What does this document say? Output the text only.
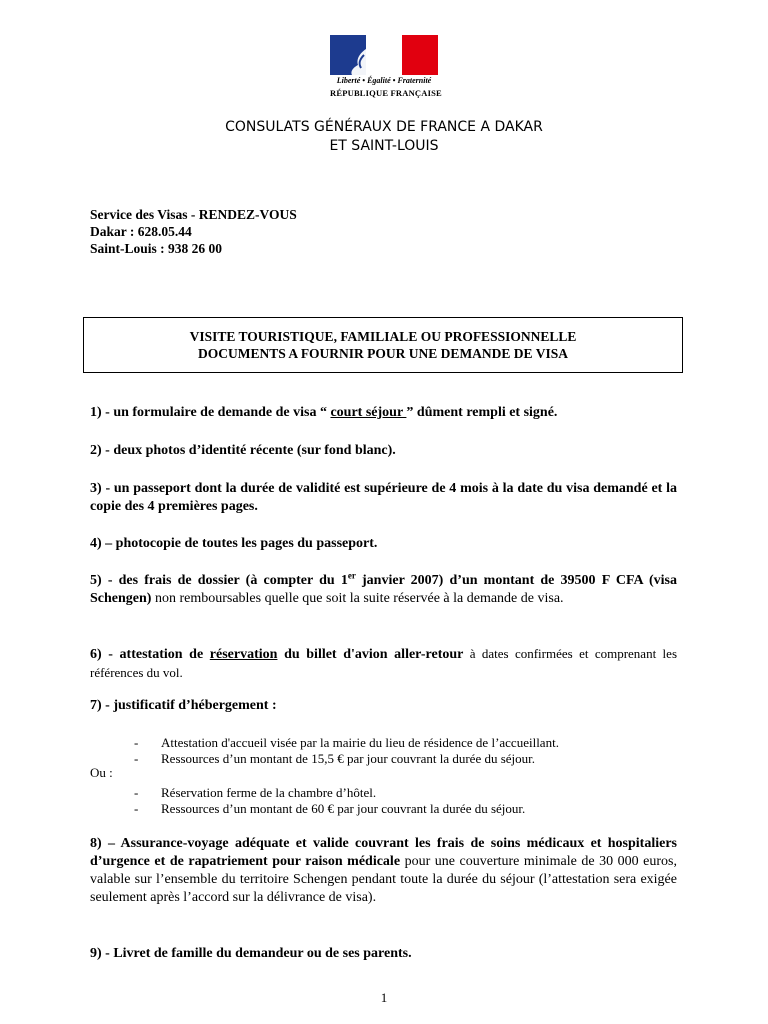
Liberté • Égalité • Fraternité
RÉPUBLIQUE FRANÇAISE
CONSULATS GÉNÉRAUX DE FRANCE A DAKAR
ET SAINT-LOUIS
Service des Visas - RENDEZ-VOUS
Dakar : 628.05.44
Saint-Louis : 938 26 00
VISITE TOURISTIQUE, FAMILIALE OU PROFESSIONNELLE
DOCUMENTS A FOURNIR POUR UNE DEMANDE DE VISA
1) - un formulaire de demande de visa “ court séjour ” dûment rempli et signé.
2) - deux photos d’identité récente (sur fond blanc).
3) - un passeport dont la durée de validité est supérieure de 4 mois à la date du visa demandé et la copie des 4 premières pages.
4) – photocopie de toutes les pages du passeport.
5) - des frais de dossier (à compter du 1er janvier 2007) d’un montant de 39500 F CFA (visa Schengen) non remboursables quelle que soit la suite réservée à la demande de visa.
6) - attestation de réservation du billet d'avion aller-retour à dates confirmées et comprenant les références du vol.
7) - justificatif d’hébergement :
- Attestation d'accueil visée par la mairie du lieu de résidence de l’accueillant.
- Ressources d’un montant de 15,5 € par jour couvrant la durée du séjour.
Ou :
- Réservation ferme de la chambre d’hôtel.
- Ressources d’un montant de 60 € par jour couvrant la durée du séjour.
8) – Assurance-voyage adéquate et valide couvrant les frais de soins médicaux et hospitaliers d’urgence et de rapatriement pour raison médicale pour une couverture minimale de 30 000 euros, valable sur l’ensemble du territoire Schengen pendant toute la durée du séjour (l’attestation sera exigée seulement après l’accord sur la délivrance de visa).
9) - Livret de famille du demandeur ou de ses parents.
1
